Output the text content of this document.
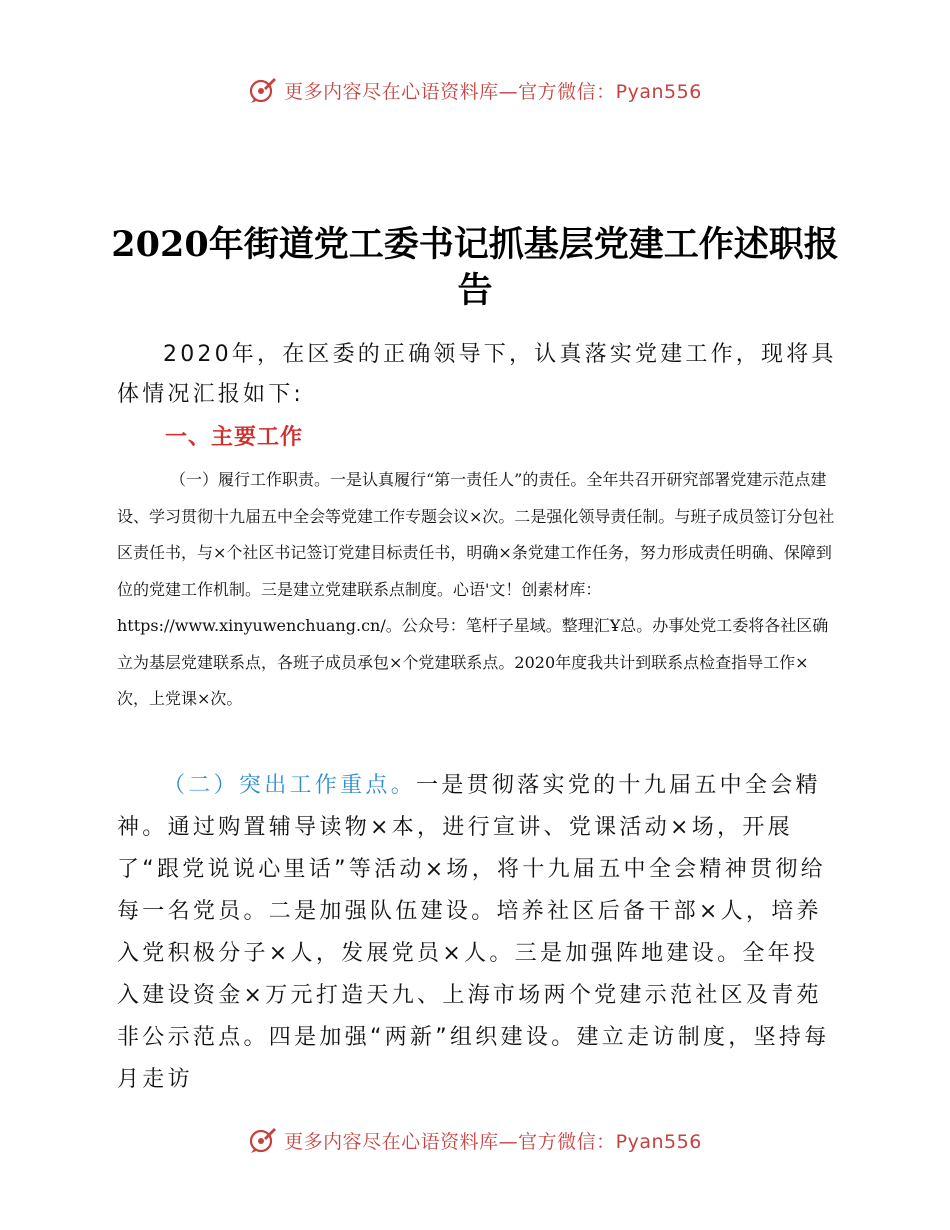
更多内容尽在心语资料库—官方微信：Pyan556
2020年街道党工委书记抓基层党建工作述职报告

2020年，在区委的正确领导下，认真落实党建工作，现将具体情况汇报如下:

一、主要工作

（一）履行工作职责。一是认真履行“第一责任人”的责任。全年共召开研究部署党建示范点建设、学习贯彻十九届五中全会等党建工作专题会议×次。二是强化领导责任制。与班子成员签订分包社区责任书，与×个社区书记签订党建目标责任书，明确×条党建工作任务，努力形成责任明确、保障到位的党建工作机制。三是建立党建联系点制度。心语'文！创素材库：https://www.xinyuwenchuang.cn/。公众号：笔杆子星域。整理汇Ұ总。办事处党工委将各社区确立为基层党建联系点，各班子成员承包×个党建联系点。2020年度我共计到联系点检查指导工作×次，上党课×次。

（二）突出工作重点。一是贯彻落实党的十九届五中全会精神。通过购置辅导读物×本，进行宣讲、党课活动×场，开展了“跟党说说心里话”等活动×场，将十九届五中全会精神贯彻给每一名党员。二是加强队伍建设。培养社区后备干部×人，培养入党积极分子×人，发展党员×人。三是加强阵地建设。全年投入建设资金×万元打造天九、上海市场两个党建示范社区及青苑非公示范点。四是加强“两新”组织建设。建立走访制度，坚持每月走访

更多内容尽在心语资料库—官方微信：Pyan556
